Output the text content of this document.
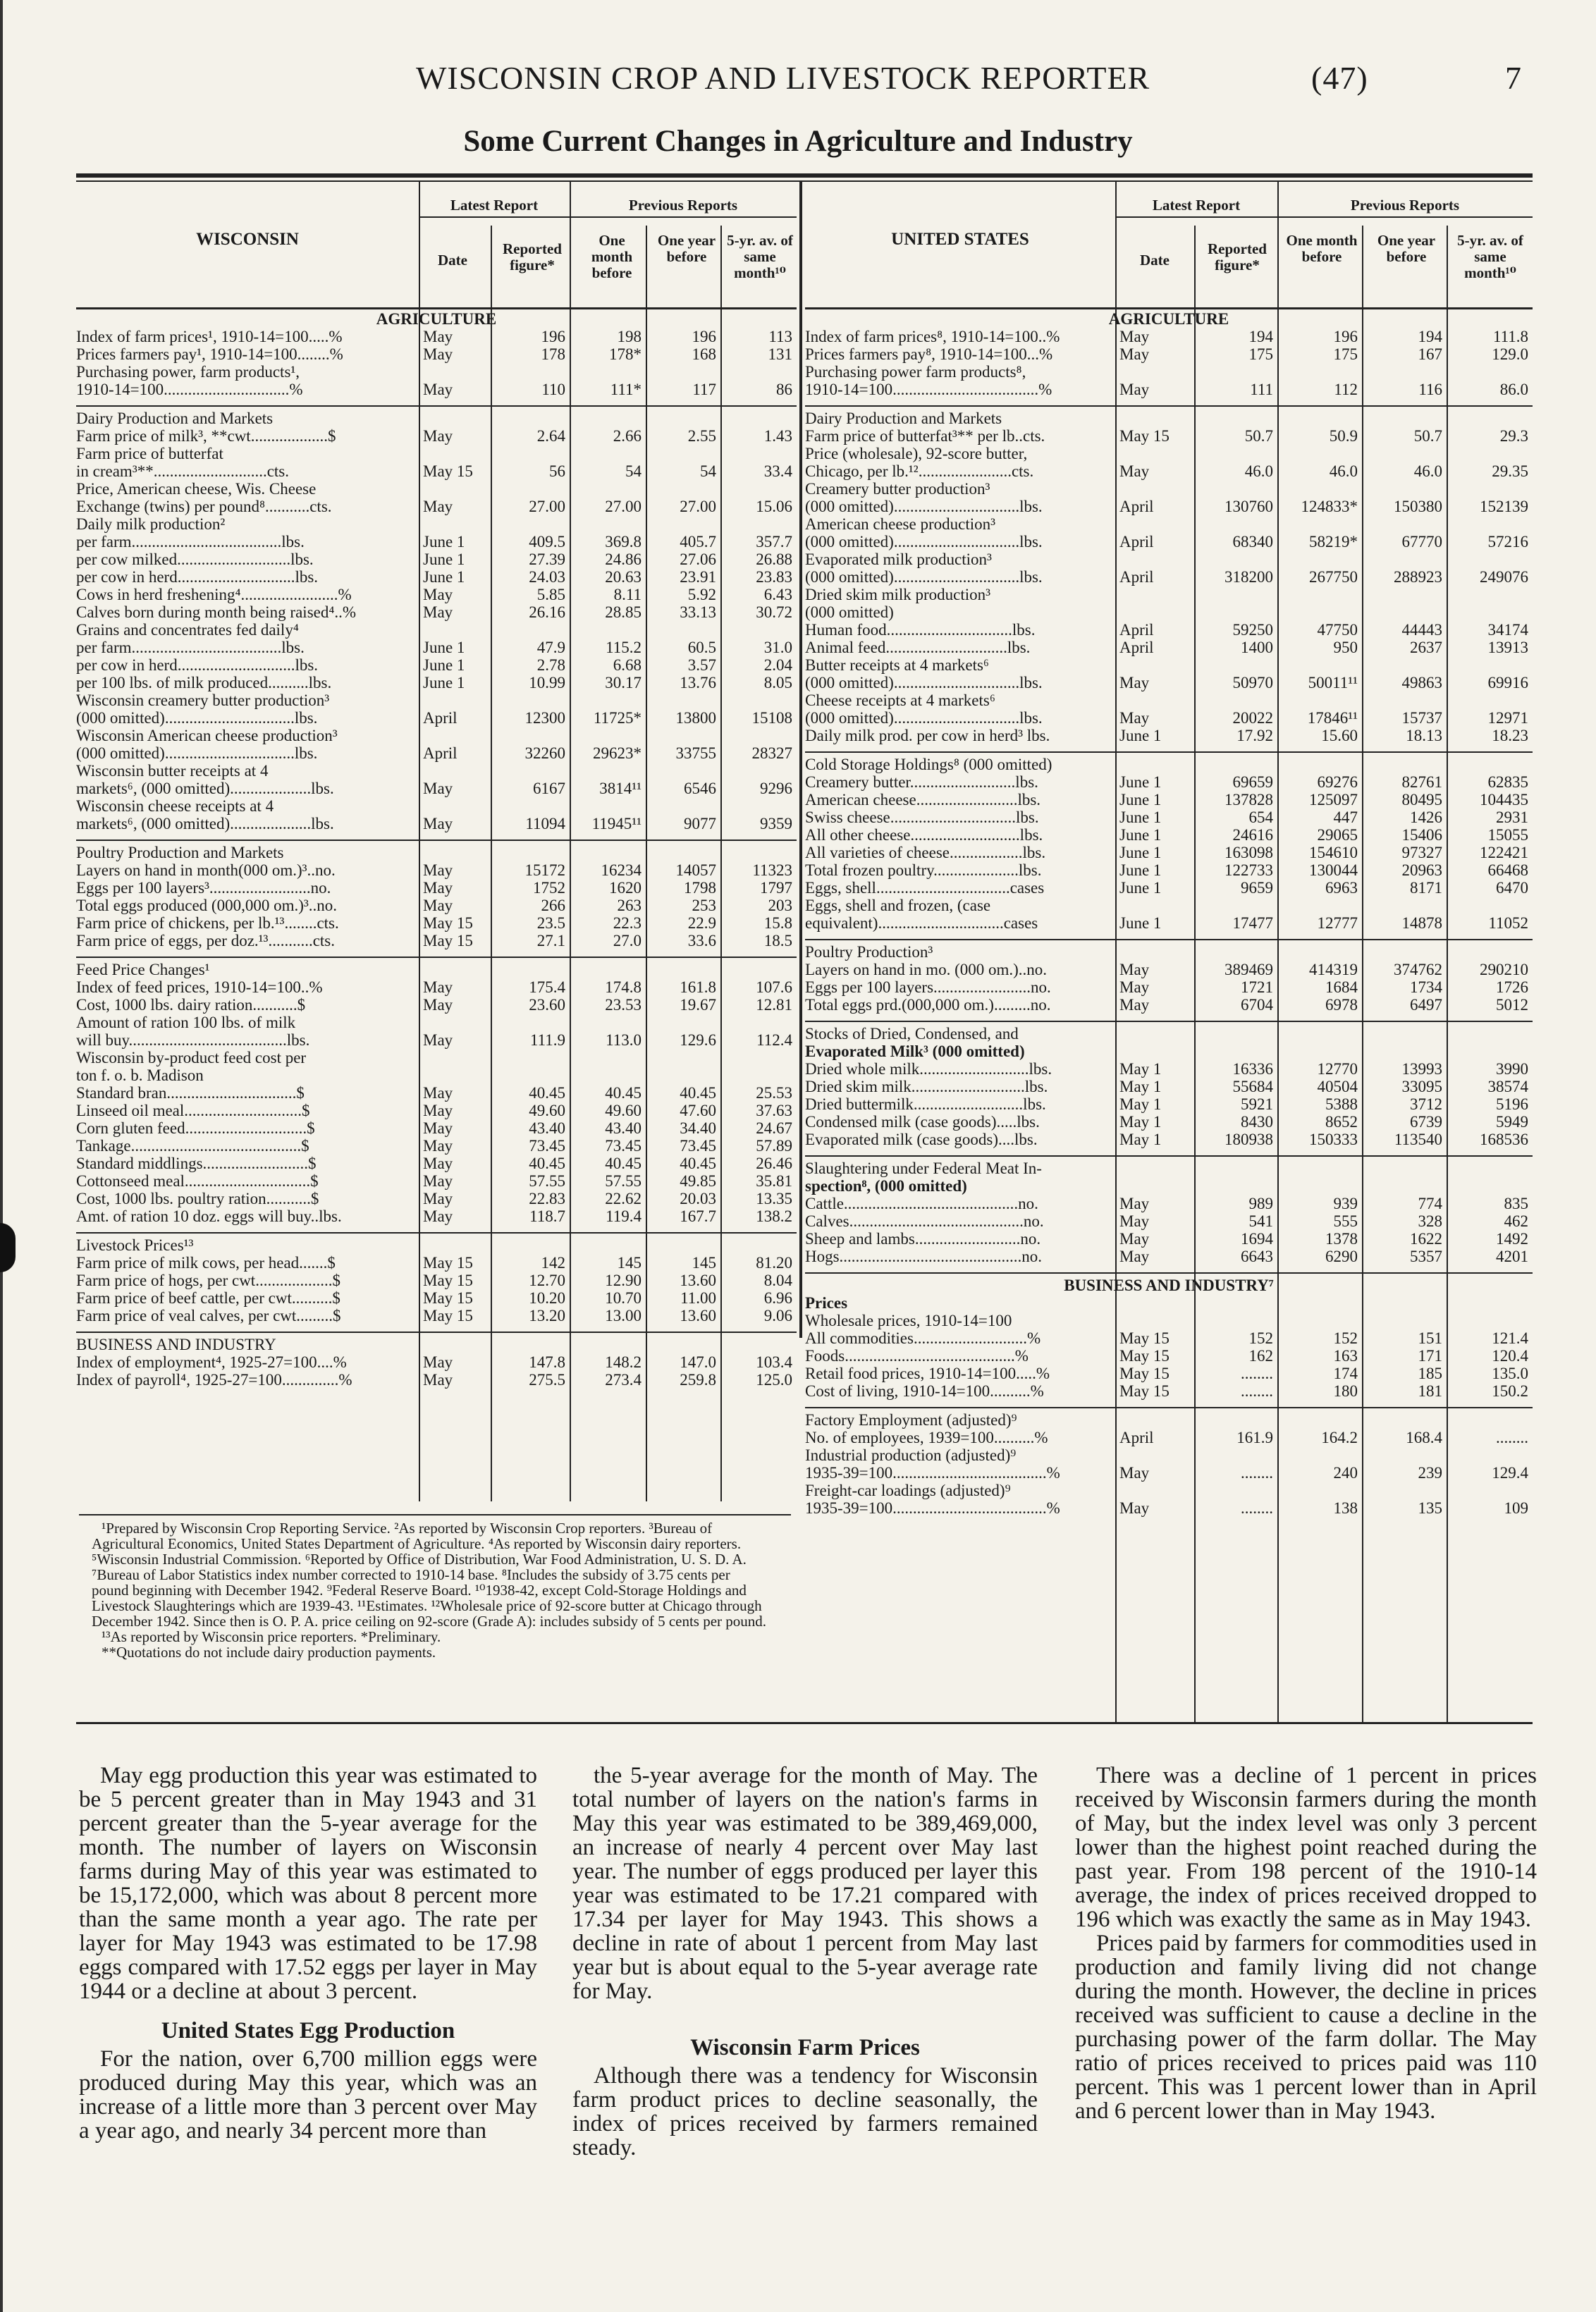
WISCONSIN CROP AND LIVESTOCK REPORTER	(47)	7
Some Current Changes in Agriculture and Industry
WISCONSIN
Latest Report	Previous Reports
Date
Reported figure*
One month before
One year before
5-yr. av. of same month¹⁰
AGRICULTURE
Index of farm prices¹, 1910-14=100.....%	May	196	198	196	113
Prices farmers pay¹, 1910-14=100........%	May	178	178*	168	131
Purchasing power, farm products¹,
1910-14=100...............................%	May	110	111*	117	86
Dairy Production and Markets
Farm price of milk³, **cwt...................$	May	2.64	2.66	2.55	1.43
Farm price of butterfat
in cream³**............................cts.	May 15	56	54	54	33.4
Price, American cheese, Wis. Cheese
Exchange (twins) per pound⁸...........cts.	May	27.00	27.00	27.00	15.06
Daily milk production²
per farm.....................................lbs.	June 1	409.5	369.8	405.7	357.7
per cow milked............................lbs.	June 1	27.39	24.86	27.06	26.88
per cow in herd.............................lbs.	June 1	24.03	20.63	23.91	23.83
Cows in herd freshening⁴........................%	May	5.85	8.11	5.92	6.43
Calves born during month being raised⁴..%	May	26.16	28.85	33.13	30.72
Grains and concentrates fed daily⁴
per farm.....................................lbs.	June 1	47.9	115.2	60.5	31.0
per cow in herd.............................lbs.	June 1	2.78	6.68	3.57	2.04
per 100 lbs. of milk produced..........lbs.	June 1	10.99	30.17	13.76	8.05
Wisconsin creamery butter production³
(000 omitted)................................lbs.	April	12300	11725*	13800	15108
Wisconsin American cheese production³
(000 omitted)................................lbs.	April	32260	29623*	33755	28327
Wisconsin butter receipts at 4
markets⁶, (000 omitted)....................lbs.	May	6167	3814¹¹	6546	9296
Wisconsin cheese receipts at 4
markets⁶, (000 omitted)....................lbs.	May	11094	11945¹¹	9077	9359
Poultry Production and Markets
Layers on hand in month(000 om.)³..no.	May	15172	16234	14057	11323
Eggs per 100 layers³.........................no.	May	1752	1620	1798	1797
Total eggs produced (000,000 om.)³..no.	May	266	263	253	203
Farm price of chickens, per lb.¹³........cts.	May 15	23.5	22.3	22.9	15.8
Farm price of eggs, per doz.¹³...........cts.	May 15	27.1	27.0	33.6	18.5
Feed Price Changes¹
Index of feed prices, 1910-14=100..%	May	175.4	174.8	161.8	107.6
Cost, 1000 lbs. dairy ration...........$	May	23.60	23.53	19.67	12.81
Amount of ration 100 lbs. of milk
will buy.......................................lbs.	May	111.9	113.0	129.6	112.4
Wisconsin by-product feed cost per
ton f. o. b. Madison
Standard bran................................$	May	40.45	40.45	40.45	25.53
Linseed oil meal.............................$	May	49.60	49.60	47.60	37.63
Corn gluten feed..............................$	May	43.40	43.40	34.40	24.67
Tankage..........................................$	May	73.45	73.45	73.45	57.89
Standard middlings..........................$	May	40.45	40.45	40.45	26.46
Cottonseed meal...............................$	May	57.55	57.55	49.85	35.81
Cost, 1000 lbs. poultry ration...........$	May	22.83	22.62	20.03	13.35
Amt. of ration 10 doz. eggs will buy..lbs.	May	118.7	119.4	167.7	138.2
Livestock Prices¹³
Farm price of milk cows, per head.......$	May 15	142	145	145	81.20
Farm price of hogs, per cwt...................$	May 15	12.70	12.90	13.60	8.04
Farm price of beef cattle, per cwt..........$	May 15	10.20	10.70	11.00	6.96
Farm price of veal calves, per cwt.........$	May 15	13.20	13.00	13.60	9.06
BUSINESS AND INDUSTRY
Index of employment⁴, 1925-27=100....%	May	147.8	148.2	147.0	103.4
Index of payroll⁴, 1925-27=100..............%	May	275.5	273.4	259.8	125.0
UNITED STATES
Latest Report	Previous Reports
Date
Reported figure*
One month before
One year before
5-yr. av. of same month¹⁰
AGRICULTURE
Index of farm prices⁸, 1910-14=100..%	May	194	196	194	111.8
Prices farmers pay⁸, 1910-14=100...%	May	175	175	167	129.0
Purchasing power farm products⁸,
1910-14=100....................................%	May	111	112	116	86.0
Dairy Production and Markets
Farm price of butterfat³** per lb..cts.	May 15	50.7	50.9	50.7	29.3
Price (wholesale), 92-score butter,
Chicago, per lb.¹².......................cts.	May	46.0	46.0	46.0	29.35
Creamery butter production³
(000 omitted)...............................lbs.	April	130760	124833*	150380	152139
American cheese production³
(000 omitted)...............................lbs.	April	68340	58219*	67770	57216
Evaporated milk production³
(000 omitted)...............................lbs.	April	318200	267750	288923	249076
Dried skim milk production³
(000 omitted)
Human food...............................lbs.	April	59250	47750	44443	34174
Animal feed..............................lbs.	April	1400	950	2637	13913
Butter receipts at 4 markets⁶
(000 omitted)...............................lbs.	May	50970	50011¹¹	49863	69916
Cheese receipts at 4 markets⁶
(000 omitted)...............................lbs.	May	20022	17846¹¹	15737	12971
Daily milk prod. per cow in herd³ lbs.	June 1	17.92	15.60	18.13	18.23
Cold Storage Holdings⁸ (000 omitted)
Creamery butter..........................lbs.	June 1	69659	69276	82761	62835
American cheese.........................lbs.	June 1	137828	125097	80495	104435
Swiss cheese...............................lbs.	June 1	654	447	1426	2931
All other cheese...........................lbs.	June 1	24616	29065	15406	15055
All varieties of cheese..................lbs.	June 1	163098	154610	97327	122421
Total frozen poultry.....................lbs.	June 1	122733	130044	20963	66468
Eggs, shell.................................cases	June 1	9659	6963	8171	6470
Eggs, shell and frozen, (case
equivalent)...............................cases	June 1	17477	12777	14878	11052
Poultry Production³
Layers on hand in mo. (000 om.)..no.	May	389469	414319	374762	290210
Eggs per 100 layers........................no.	May	1721	1684	1734	1726
Total eggs prd.(000,000 om.).........no.	May	6704	6978	6497	5012
Stocks of Dried, Condensed, and
Evaporated Milk³ (000 omitted)
Dried whole milk...........................lbs.	May 1	16336	12770	13993	3990
Dried skim milk............................lbs.	May 1	55684	40504	33095	38574
Dried buttermilk...........................lbs.	May 1	5921	5388	3712	5196
Condensed milk (case goods).....lbs.	May 1	8430	8652	6739	5949
Evaporated milk (case goods)....lbs.	May 1	180938	150333	113540	168536
Slaughtering under Federal Meat In-
spection⁸, (000 omitted)
Cattle...........................................no.	May	989	939	774	835
Calves...........................................no.	May	541	555	328	462
Sheep and lambs..........................no.	May	1694	1378	1622	1492
Hogs.............................................no.	May	6643	6290	5357	4201
BUSINESS AND INDUSTRY⁷
Prices
Wholesale prices, 1910-14=100
All commodities............................%	May 15	152	152	151	121.4
Foods..........................................%	May 15	162	163	171	120.4
Retail food prices, 1910-14=100.....%	May 15	........	174	185	135.0
Cost of living, 1910-14=100..........%	May 15	........	180	181	150.2
Factory Employment (adjusted)⁹
No. of employees, 1939=100..........%	April	161.9	164.2	168.4	........
Industrial production (adjusted)⁹
1935-39=100......................................%	May	........	240	239	129.4
Freight-car loadings (adjusted)⁹
1935-39=100......................................%	May	........	138	135	109

¹Prepared by Wisconsin Crop Reporting Service. ²As reported by Wisconsin Crop reporters. ³Bureau of Agricultural Economics, United States Department of Agriculture. ⁴As reported by Wisconsin dairy reporters. ⁵Wisconsin Industrial Commission. ⁶Reported by Office of Distribution, War Food Administration, U. S. D. A. ⁷Bureau of Labor Statistics index number corrected to 1910-14 base. ⁸Includes the subsidy of 3.75 cents per pound beginning with December 1942. ⁹Federal Reserve Board. ¹⁰1938-42, except Cold-Storage Holdings and Livestock Slaughterings which are 1939-43. ¹¹Estimates. ¹²Wholesale price of 92-score butter at Chicago through December 1942. Since then is O. P. A. price ceiling on 92-score (Grade A): includes subsidy of 5 cents per pound.

¹³As reported by Wisconsin price reporters. *Preliminary.

**Quotations do not include dairy production payments.

May egg production this year was estimated to be 5 percent greater than in May 1943 and 31 percent greater than the 5-year average for the month. The number of layers on Wisconsin farms during May of this year was estimated to be 15,172,000, which was about 8 percent more than the same month a year ago. The rate per layer for May 1943 was estimated to be 17.98 eggs compared with 17.52 eggs per layer in May 1944 or a decline at about 3 percent.

United States Egg Production

For the nation, over 6,700 million eggs were produced during May this year, which was an increase of a little more than 3 percent over May a year ago, and nearly 34 percent more than

the 5-year average for the month of May. The total number of layers on the nation's farms in May this year was estimated to be 389,469,000, an increase of nearly 4 percent over May last year. The number of eggs produced per layer this year was estimated to be 17.21 compared with 17.34 per layer for May 1943. This shows a decline in rate of about 1 percent from May last year but is about equal to the 5-year average rate for May.

Wisconsin Farm Prices

Although there was a tendency for Wisconsin farm product prices to decline seasonally, the index of prices received by farmers remained steady.

There was a decline of 1 percent in prices received by Wisconsin farmers during the month of May, but the index level was only 3 percent lower than the highest point reached during the past year. From 198 percent of the 1910-14 average, the index of prices received dropped to 196 which was exactly the same as in May 1943.

Prices paid by farmers for commodities used in production and family living did not change during the month. However, the decline in prices received was sufficient to cause a decline in the purchasing power of the farm dollar. The May ratio of prices received to prices paid was 110 percent. This was 1 percent lower than in April and 6 percent lower than in May 1943.
